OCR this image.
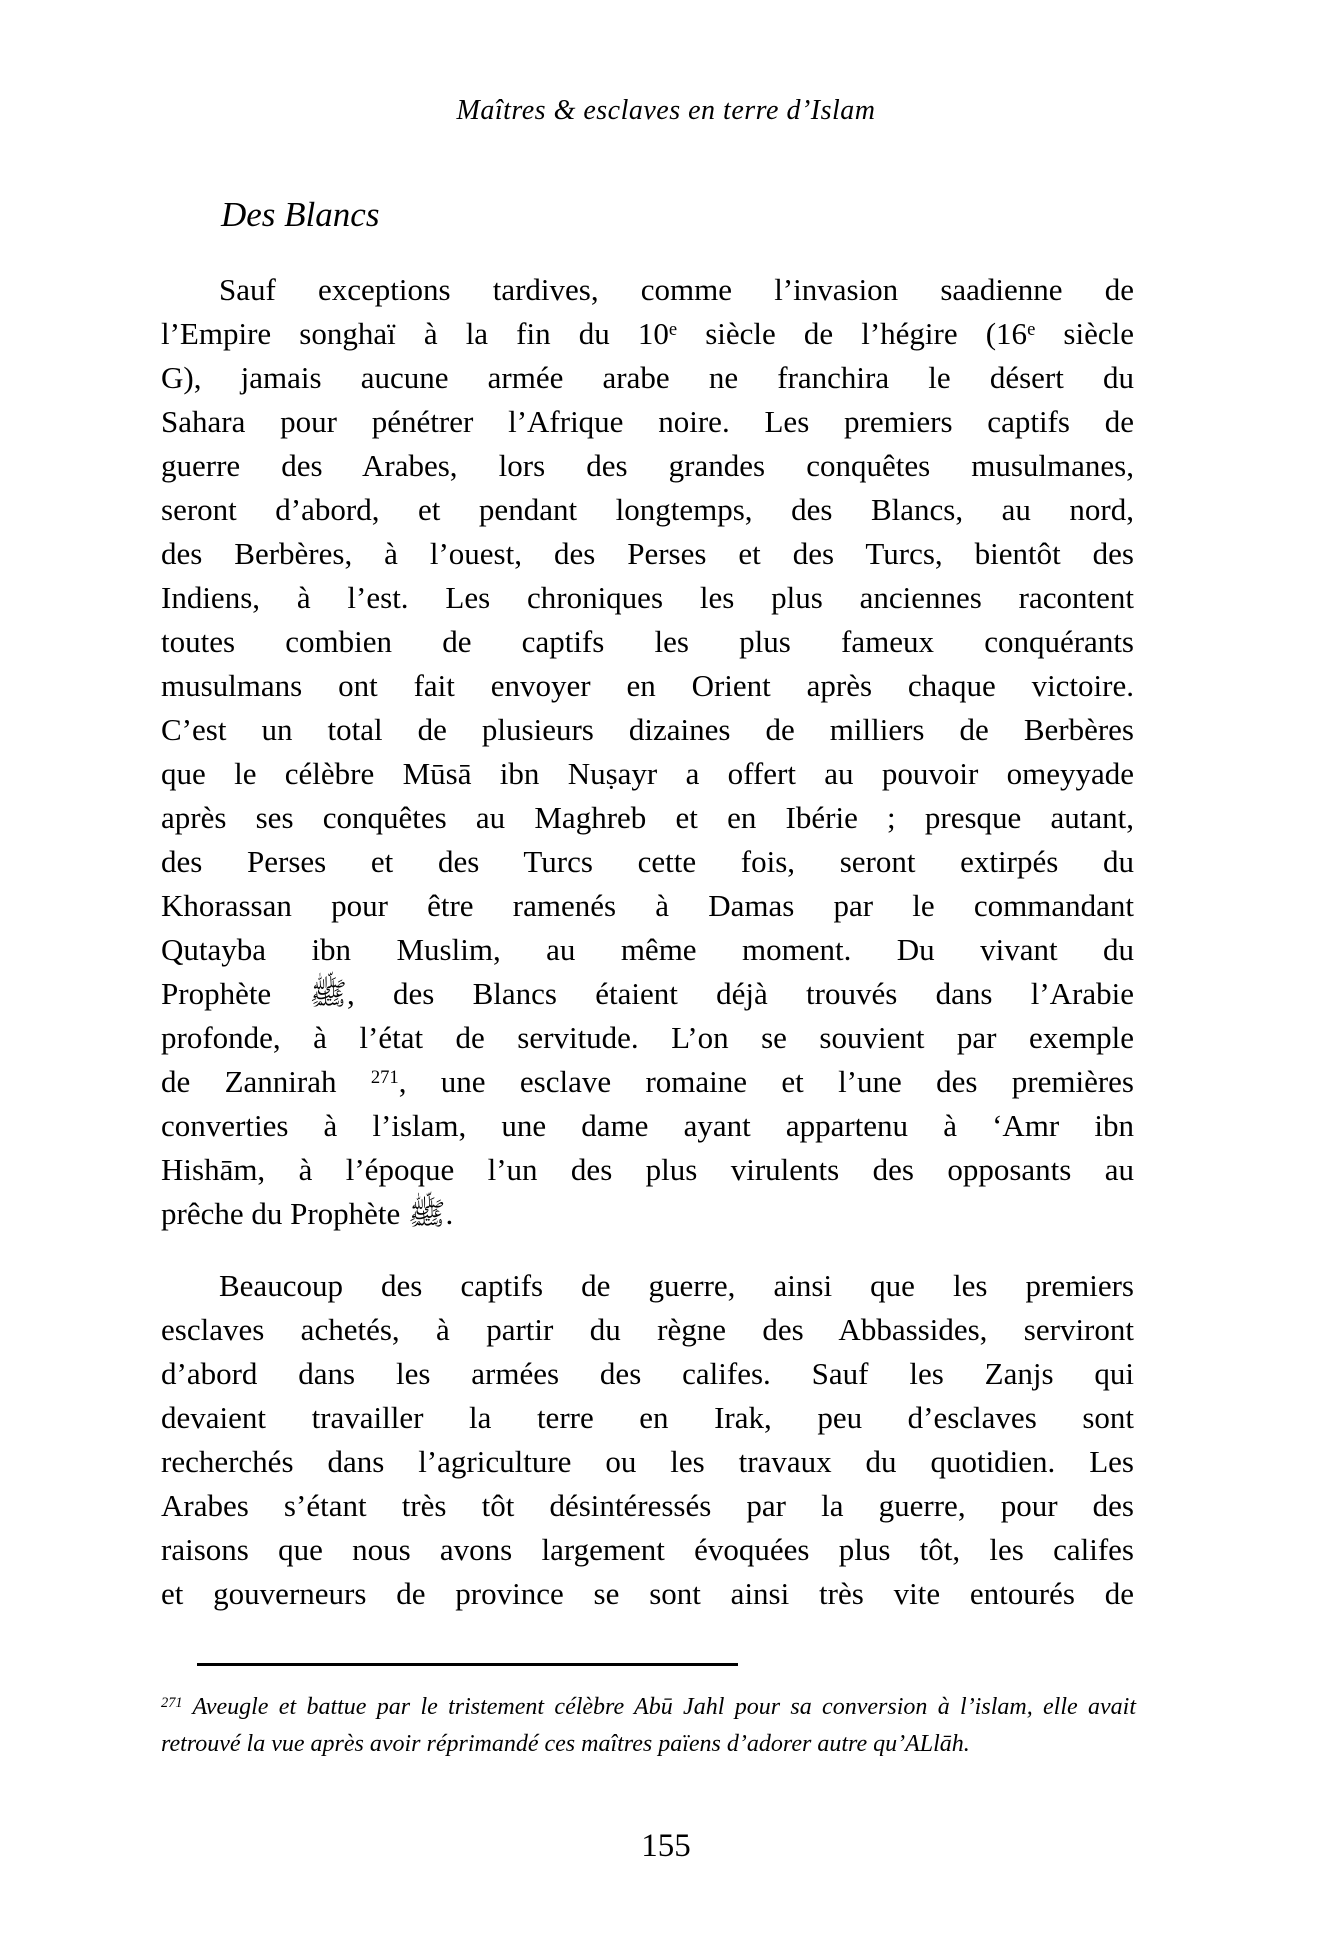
Maîtres & esclaves en terre d’Islam
Des Blancs
Sauf exceptions tardives, comme l’invasion saadienne de
l’Empire songhaï à la fin du 10e siècle de l’hégire (16e siècle
G), jamais aucune armée arabe ne franchira le désert du
Sahara pour pénétrer l’Afrique noire. Les premiers captifs de
guerre des Arabes, lors des grandes conquêtes musulmanes,
seront d’abord, et pendant longtemps, des Blancs, au nord,
des Berbères, à l’ouest, des Perses et des Turcs, bientôt des
Indiens, à l’est. Les chroniques les plus anciennes racontent
toutes combien de captifs les plus fameux conquérants
musulmans ont fait envoyer en Orient après chaque victoire.
C’est un total de plusieurs dizaines de milliers de Berbères
que le célèbre Mūsā ibn Nuṣayr a offert au pouvoir omeyyade
après ses conquêtes au Maghreb et en Ibérie ; presque autant,
des Perses et des Turcs cette fois, seront extirpés du
Khorassan pour être ramenés à Damas par le commandant
Qutayba ibn Muslim, au même moment. Du vivant du
Prophète ﷺ, des Blancs étaient déjà trouvés dans l’Arabie
profonde, à l’état de servitude. L’on se souvient par exemple
de Zannirah $^{271}$, une esclave romaine et l’une des premières
converties à l’islam, une dame ayant appartenu à ‘Amr ibn
Hishām, à l’époque l’un des plus virulents des opposants au
prêche du Prophète ﷺ.
Beaucoup des captifs de guerre, ainsi que les premiers
esclaves achetés, à partir du règne des Abbassides, serviront
d’abord dans les armées des califes. Sauf les Zanjs qui
devaient travailler la terre en Irak, peu d’esclaves sont
recherchés dans l’agriculture ou les travaux du quotidien. Les
Arabes s’étant très tôt désintéressés par la guerre, pour des
raisons que nous avons largement évoquées plus tôt, les califes
et gouverneurs de province se sont ainsi très vite entourés de
$^{271}$ Aveugle et battue par le tristement célèbre Abū Jahl pour sa conversion à l’islam, elle avait
retrouvé la vue après avoir réprimandé ces maîtres païens d’adorer autre qu’ALlāh.
155
